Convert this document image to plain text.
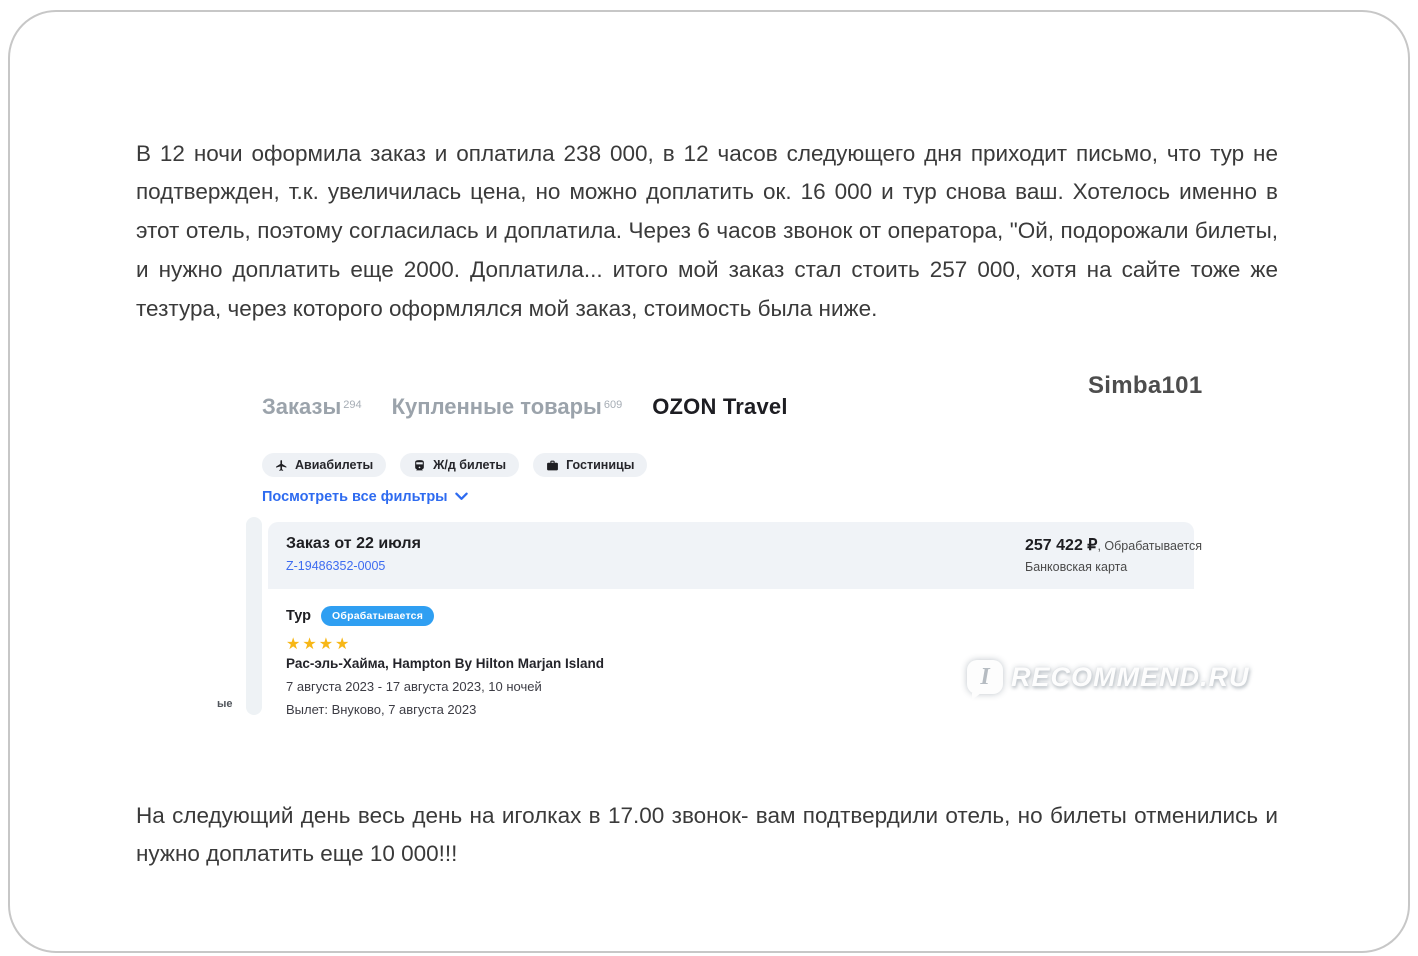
В 12 ночи оформила заказ и оплатила 238 000, в 12 часов следующего дня приходит письмо, что тур не подтвержден, т.к. увеличилась цена, но можно доплатить ок. 16 000 и тур снова ваш. Хотелось именно в этот отель, поэтому согласилась и доплатила. Через 6 часов звонок от оператора, "Ой, подорожали билеты, и нужно доплатить еще 2000. Доплатила... итого мой заказ стал стоить 257 000, хотя на сайте тоже же тезтура, через которого оформлялся мой заказ, стоимость была ниже.

Simba101
Заказы $^{294}$ Купленные товары $^{609}$ OZON Travel
Авиабилеты	Ж/д билеты	Гостиницы
Посмотреть все фильтры
ые
Заказ от 22 июля
Z-19486352-0005
257 422 ₽, Обрабатывается
Банковская карта
Тур	Обрабатывается
★★★★
Рас-эль-Хайма, Hampton By Hilton Marjan Island
7 августа 2023 - 17 августа 2023, 10 ночей
Вылет: Внуково, 7 августа 2023
I RECOMMEND.RU

На следующий день весь день на иголках в 17.00 звонок- вам подтвердили отель, но билеты отменились и нужно доплатить еще 10 000!!!
